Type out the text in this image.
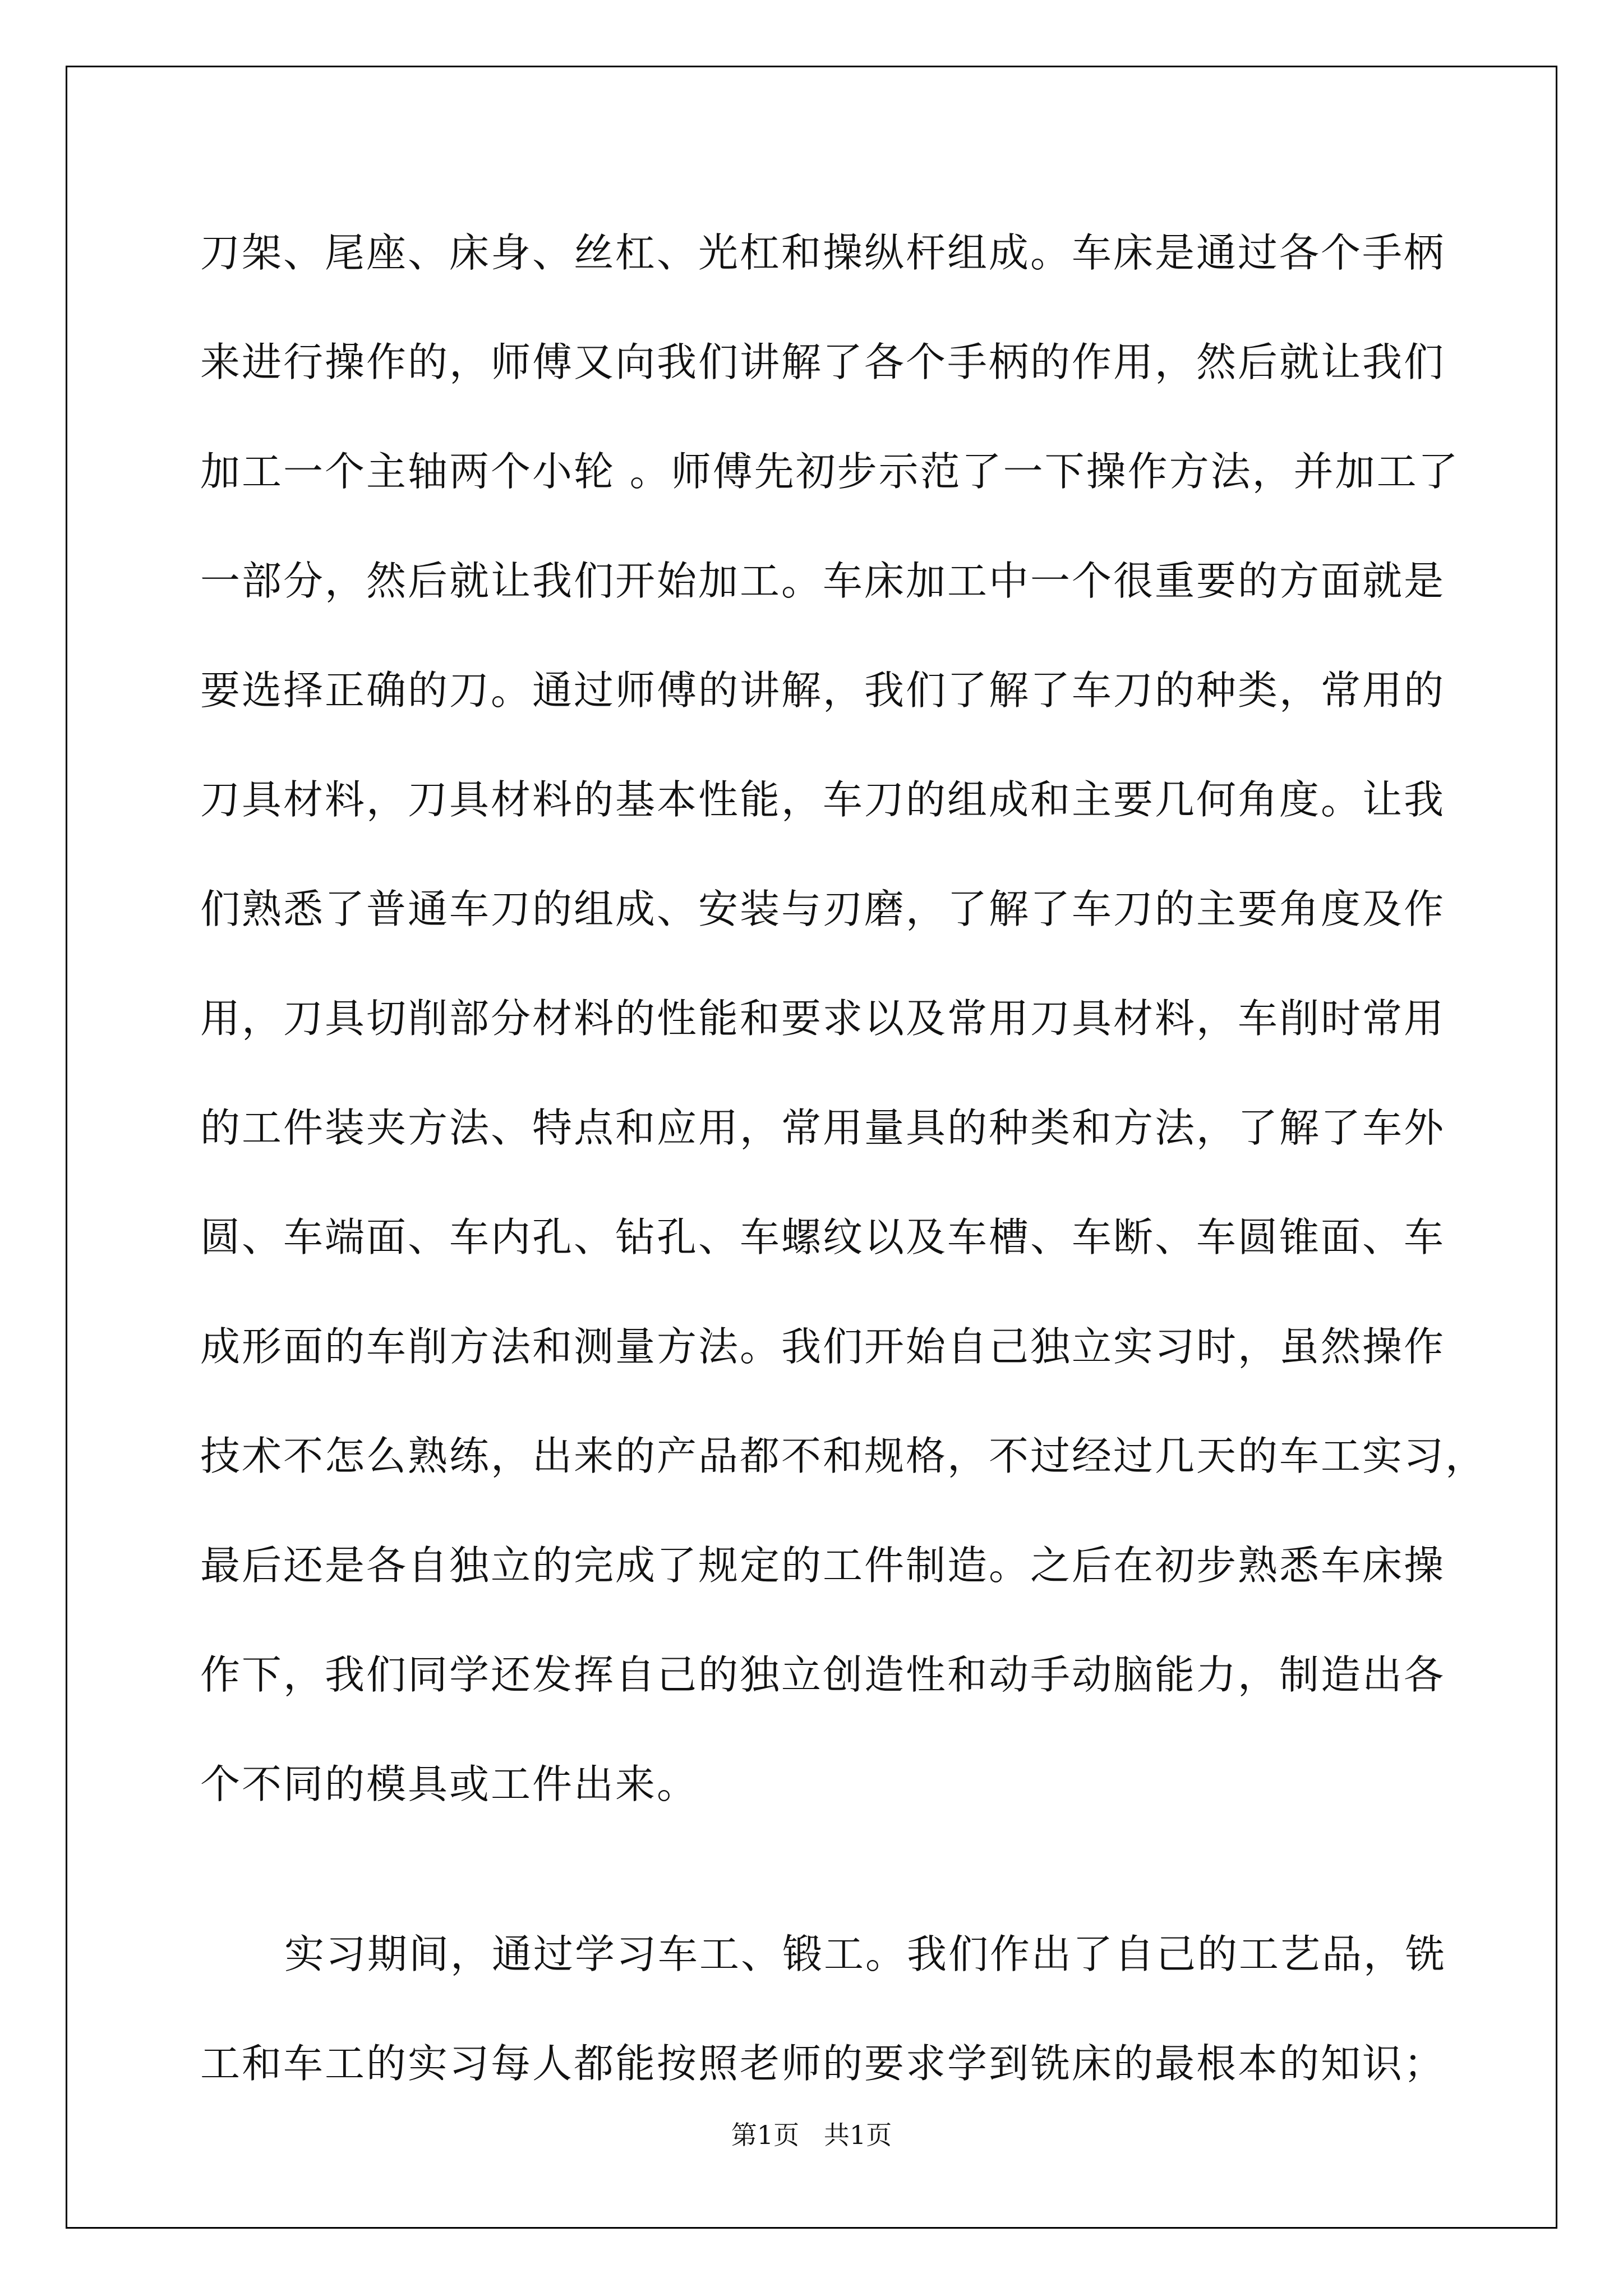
刀架、尾座、床身、丝杠、光杠和操纵杆组成。车床是通过各个手柄
来进行操作的，师傅又向我们讲解了各个手柄的作用，然后就让我们
加工一个主轴两个小轮 。师傅先初步示范了一下操作方法，并加工了
一部分，然后就让我们开始加工。车床加工中一个很重要的方面就是
要选择正确的刀。通过师傅的讲解，我们了解了车刀的种类，常用的
刀具材料，刀具材料的基本性能，车刀的组成和主要几何角度。让我
们熟悉了普通车刀的组成、安装与刃磨，了解了车刀的主要角度及作
用，刀具切削部分材料的性能和要求以及常用刀具材料，车削时常用
的工件装夹方法、特点和应用，常用量具的种类和方法，了解了车外
圆、车端面、车内孔、钻孔、车螺纹以及车槽、车断、车圆锥面、车
成形面的车削方法和测量方法。我们开始自己独立实习时，虽然操作
技术不怎么熟练，出来的产品都不和规格，不过经过几天的车工实习，
最后还是各自独立的完成了规定的工件制造。之后在初步熟悉车床操
作下，我们同学还发挥自己的独立创造性和动手动脑能力，制造出各
个不同的模具或工件出来。
实习期间，通过学习车工、锻工。我们作出了自己的工艺品，铣
工和车工的实习每人都能按照老师的要求学到铣床的最根本的知识；
第1页   共1页
